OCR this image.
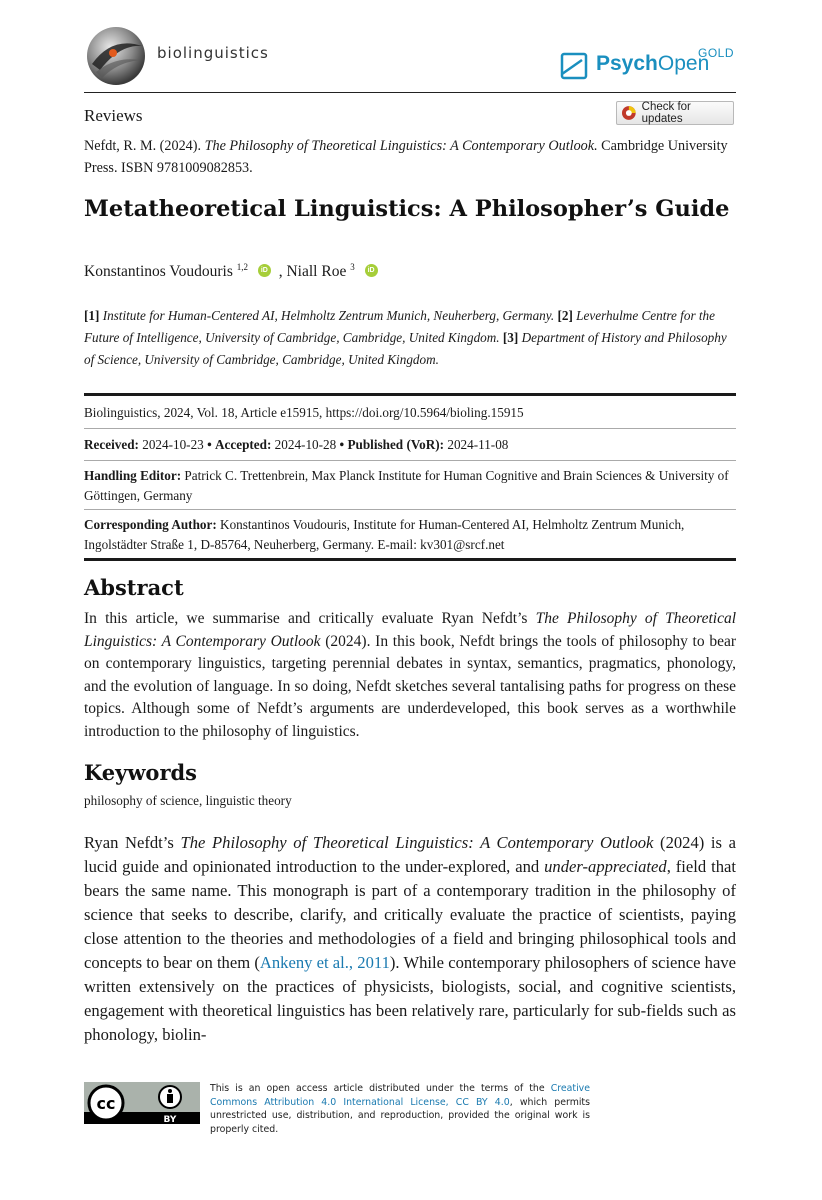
biolinguistics	PsychOpen
GOLD
Reviews	Check for updates
Nefdt, R. M. (2024). The Philosophy of Theoretical Linguistics: A Contemporary Outlook. Cambridge University Press. ISBN 9781009082853.
Metatheoretical Linguistics: A Philosopher’s Guide
Konstantinos Voudouris $^{1,2}$	iD , Niall Roe $^3$	iD
[1] Institute for Human-Centered AI, Helmholtz Zentrum Munich, Neuherberg, Germany. [2] Leverhulme Centre for the Future of Intelligence, University of Cambridge, Cambridge, United Kingdom. [3] Department of History and Philosophy of Science, University of Cambridge, Cambridge, United Kingdom.
Biolinguistics, 2024, Vol. 18, Article e15915, https://doi.org/10.5964/bioling.15915
Received: 2024-10-23 • Accepted: 2024-10-28 • Published (VoR): 2024-11-08
Handling Editor: Patrick C. Trettenbrein, Max Planck Institute for Human Cognitive and Brain Sciences & University of Göttingen, Germany
Corresponding Author: Konstantinos Voudouris, Institute for Human-Centered AI, Helmholtz Zentrum Munich, Ingolstädter Straße 1, D-85764, Neuherberg, Germany. E-mail: kv301@srcf.net
Abstract
In this article, we summarise and critically evaluate Ryan Nefdt’s The Philosophy of Theoretical Linguistics: A Contemporary Outlook (2024). In this book, Nefdt brings the tools of philosophy to bear on contemporary linguistics, targeting perennial debates in syntax, semantics, pragmatics, phonology, and the evolution of language. In so doing, Nefdt sketches several tantalising paths for progress on these topics. Although some of Nefdt’s arguments are underdeveloped, this book serves as a worthwhile introduction to the philosophy of linguistics.
Keywords
philosophy of science, linguistic theory
Ryan Nefdt’s The Philosophy of Theoretical Linguistics: A Contemporary Outlook (2024) is a lucid guide and opinionated introduction to the under-explored, and under-appreciated, field that bears the same name. This monograph is part of a contemporary tradition in the philosophy of science that seeks to describe, clarify, and critically evaluate the practice of scientists, paying close attention to the theories and methodologies of a field and bringing philosophical tools and concepts to bear on them (Ankeny et al., 2011). While contemporary philosophers of science have written extensively on the practices of physicists, biologists, social, and cognitive scientists, engagement with theoretical linguistics has been relatively rare, particularly for sub-fields such as phonology, biolin-
cc
BY
This is an open access article distributed under the terms of the Creative Commons Attribution 4.0 International License, CC BY 4.0, which permits unrestricted use, distribution, and reproduction, provided the original work is properly cited.
